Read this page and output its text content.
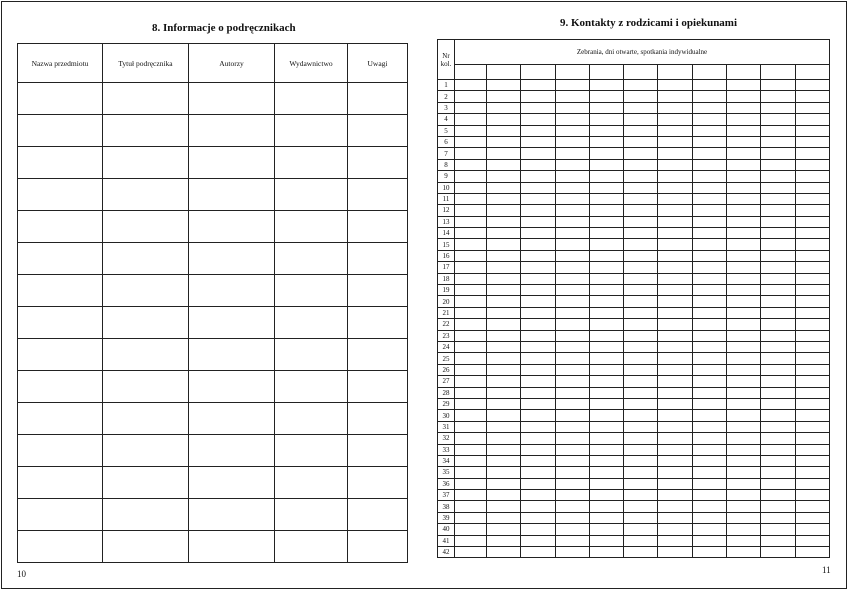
8. Informacje o podręcznikach
Nazwa przedmiotu	Tytuł podręcznika	Autorzy	Wydawnictwo	Uwagi

10
9. Kontakty z rodzicami i opiekunami
Nr kol.	Zebrania, dni otwarte, spotkania indywidualne										

1											
2											
3											
4											
5											
6											
7											
8											
9											
10											
11											
12											
13											
14											
15											
16											
17											
18											
19											
20											
21											
22											
23											
24											
25											
26											
27											
28											
29											
30											
31											
32											
33											
34											
35											
36											
37											
38											
39											
40											
41											
42											
11
